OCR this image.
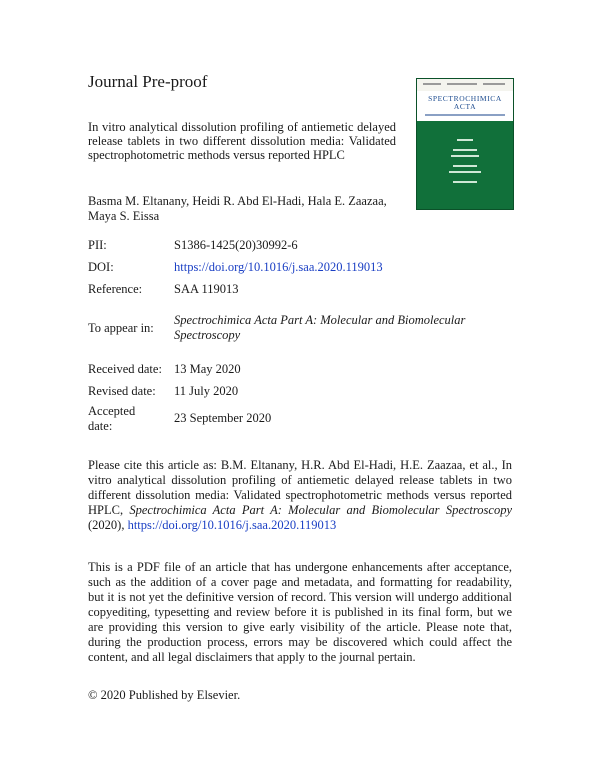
Journal Pre-proof
In vitro analytical dissolution profiling of antiemetic delayed release tablets in two different dissolution media: Validated spectrophotometric methods versus reported HPLC
SPECTROCHIMICA
ACTA
Basma M. Eltanany, Heidi R. Abd El-Hadi, Hala E. Zaazaa, Maya S. Eissa
PII:	S1386-1425(20)30992-6
DOI:	https://doi.org/10.1016/j.saa.2020.119013
Reference:	SAA 119013
To appear in:
Spectrochimica Acta Part A: Molecular and Biomolecular Spectroscopy
Received date: 13 May 2020
Revised date: 11 July 2020
Accepted date:
23 September 2020
Please cite this article as: B.M. Eltanany, H.R. Abd El-Hadi, H.E. Zaazaa, et al., In vitro analytical dissolution profiling of antiemetic delayed release tablets in two different dissolution media: Validated spectrophotometric methods versus reported HPLC, Spectrochimica Acta Part A: Molecular and Biomolecular Spectroscopy (2020), https://doi.org/10.1016/j.saa.2020.119013
This is a PDF file of an article that has undergone enhancements after acceptance, such as the addition of a cover page and metadata, and formatting for readability, but it is not yet the definitive version of record. This version will undergo additional copyediting, typesetting and review before it is published in its final form, but we are providing this version to give early visibility of the article. Please note that, during the production process, errors may be discovered which could affect the content, and all legal disclaimers that apply to the journal pertain.
© 2020 Published by Elsevier.
